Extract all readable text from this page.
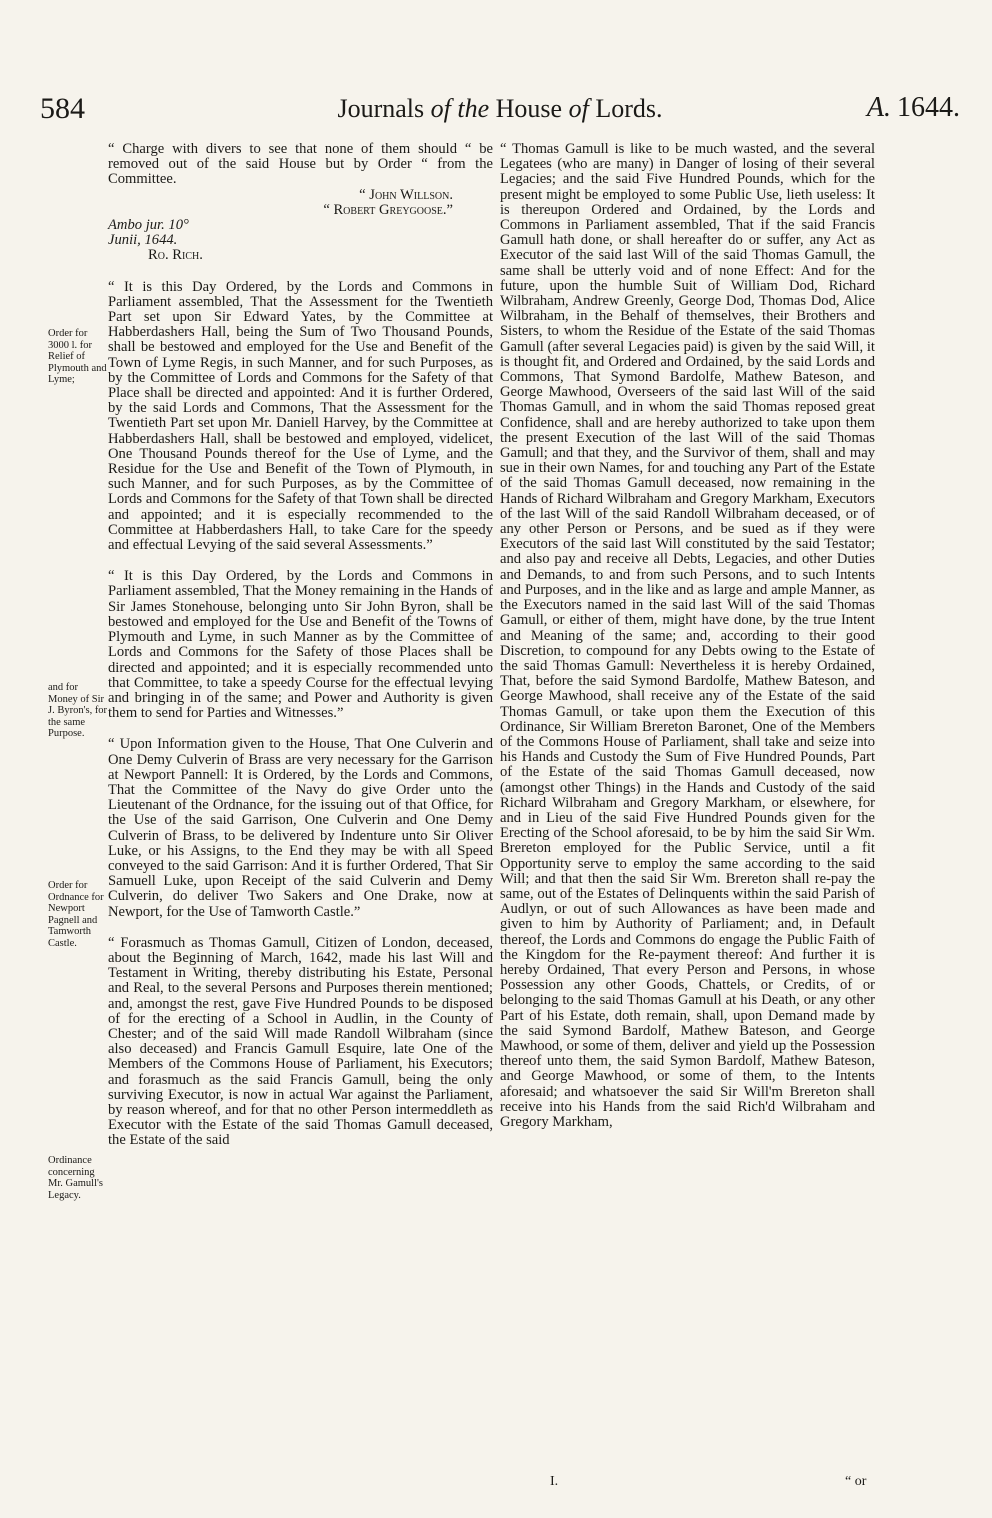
584	Journals of the House of Lords.	A. 1644.
Order for 3000 l. for Relief of Plymouth and Lyme;
and for Money of Sir J. Byron's, for the same Purpose.
Order for Ordnance for Newport Pagnell and Tamworth Castle.
Ordinance concerning Mr. Gamull's Legacy.

“ Charge with divers to see that none of them should “ be removed out of the said House but by Order “ from the Committee.

“ John Willson.
“ Robert Greygoose.”
Ambo jur. 10°
Junii, 1644.
Ro. Rich.

“ It is this Day Ordered, by the Lords and Commons in Parliament assembled, That the Assessment for the Twentieth Part set upon Sir Edward Yates, by the Committee at Habberdashers Hall, being the Sum of Two Thousand Pounds, shall be bestowed and employed for the Use and Benefit of the Town of Lyme Regis, in such Manner, and for such Purposes, as by the Committee of Lords and Commons for the Safety of that Place shall be directed and appointed: And it is further Ordered, by the said Lords and Commons, That the Assessment for the Twentieth Part set upon Mr. Daniell Harvey, by the Committee at Habberdashers Hall, shall be bestowed and employed, videlicet, One Thousand Pounds thereof for the Use of Lyme, and the Residue for the Use and Benefit of the Town of Plymouth, in such Manner, and for such Purposes, as by the Committee of Lords and Commons for the Safety of that Town shall be directed and appointed; and it is especially recommended to the Committee at Habberdashers Hall, to take Care for the speedy and effectual Levying of the said several Assessments.”

“ It is this Day Ordered, by the Lords and Commons in Parliament assembled, That the Money remaining in the Hands of Sir James Stonehouse, belonging unto Sir John Byron, shall be bestowed and employed for the Use and Benefit of the Towns of Plymouth and Lyme, in such Manner as by the Committee of Lords and Commons for the Safety of those Places shall be directed and appointed; and it is especially recommended unto that Committee, to take a speedy Course for the effectual levying and bringing in of the same; and Power and Authority is given them to send for Parties and Witnesses.”

“ Upon Information given to the House, That One Culverin and One Demy Culverin of Brass are very necessary for the Garrison at Newport Pannell: It is Ordered, by the Lords and Commons, That the Committee of the Navy do give Order unto the Lieutenant of the Ordnance, for the issuing out of that Office, for the Use of the said Garrison, One Culverin and One Demy Culverin of Brass, to be delivered by Indenture unto Sir Oliver Luke, or his Assigns, to the End they may be with all Speed conveyed to the said Garrison: And it is further Ordered, That Sir Samuell Luke, upon Receipt of the said Culverin and Demy Culverin, do deliver Two Sakers and One Drake, now at Newport, for the Use of Tamworth Castle.”

“ Forasmuch as Thomas Gamull, Citizen of London, deceased, about the Beginning of March, 1642, made his last Will and Testament in Writing, thereby distributing his Estate, Personal and Real, to the several Persons and Purposes therein mentioned; and, amongst the rest, gave Five Hundred Pounds to be disposed of for the erecting of a School in Audlin, in the County of Chester; and of the said Will made Randoll Wilbraham (since also deceased) and Francis Gamull Esquire, late One of the Members of the Commons House of Parliament, his Executors; and forasmuch as the said Francis Gamull, being the only surviving Executor, is now in actual War against the Parliament, by reason whereof, and for that no other Person intermeddleth as Executor with the Estate of the said Thomas Gamull deceased, the Estate of the said

“ Thomas Gamull is like to be much wasted, and the several Legatees (who are many) in Danger of losing of their several Legacies; and the said Five Hundred Pounds, which for the present might be employed to some Public Use, lieth useless: It is thereupon Ordered and Ordained, by the Lords and Commons in Parliament assembled, That if the said Francis Gamull hath done, or shall hereafter do or suffer, any Act as Executor of the said last Will of the said Thomas Gamull, the same shall be utterly void and of none Effect: And for the future, upon the humble Suit of William Dod, Richard Wilbraham, Andrew Greenly, George Dod, Thomas Dod, Alice Wilbraham, in the Behalf of themselves, their Brothers and Sisters, to whom the Residue of the Estate of the said Thomas Gamull (after several Legacies paid) is given by the said Will, it is thought fit, and Ordered and Ordained, by the said Lords and Commons, That Symond Bardolfe, Mathew Bateson, and George Mawhood, Overseers of the said last Will of the said Thomas Gamull, and in whom the said Thomas reposed great Confidence, shall and are hereby authorized to take upon them the present Execution of the last Will of the said Thomas Gamull; and that they, and the Survivor of them, shall and may sue in their own Names, for and touching any Part of the Estate of the said Thomas Gamull deceased, now remaining in the Hands of Richard Wilbraham and Gregory Markham, Executors of the last Will of the said Randoll Wilbraham deceased, or of any other Person or Persons, and be sued as if they were Executors of the said last Will constituted by the said Testator; and also pay and receive all Debts, Legacies, and other Duties and Demands, to and from such Persons, and to such Intents and Purposes, and in the like and as large and ample Manner, as the Executors named in the said last Will of the said Thomas Gamull, or either of them, might have done, by the true Intent and Meaning of the same; and, according to their good Discretion, to compound for any Debts owing to the Estate of the said Thomas Gamull: Nevertheless it is hereby Ordained, That, before the said Symond Bardolfe, Mathew Bateson, and George Mawhood, shall receive any of the Estate of the said Thomas Gamull, or take upon them the Execution of this Ordinance, Sir William Brereton Baronet, One of the Members of the Commons House of Parliament, shall take and seize into his Hands and Custody the Sum of Five Hundred Pounds, Part of the Estate of the said Thomas Gamull deceased, now (amongst other Things) in the Hands and Custody of the said Richard Wilbraham and Gregory Markham, or elsewhere, for and in Lieu of the said Five Hundred Pounds given for the Erecting of the School aforesaid, to be by him the said Sir Wm. Brereton employed for the Public Service, until a fit Opportunity serve to employ the same according to the said Will; and that then the said Sir Wm. Brereton shall re-pay the same, out of the Estates of Delinquents within the said Parish of Audlyn, or out of such Allowances as have been made and given to him by Authority of Parliament; and, in Default thereof, the Lords and Commons do engage the Public Faith of the Kingdom for the Re-payment thereof: And further it is hereby Ordained, That every Person and Persons, in whose Possession any other Goods, Chattels, or Credits, of or belonging to the said Thomas Gamull at his Death, or any other Part of his Estate, doth remain, shall, upon Demand made by the said Symond Bardolf, Mathew Bateson, and George Mawhood, or some of them, deliver and yield up the Possession thereof unto them, the said Symon Bardolf, Mathew Bateson, and George Mawhood, or some of them, to the Intents aforesaid; and whatsoever the said Sir Will'm Brereton shall receive into his Hands from the said Rich'd Wilbraham and Gregory Markham,

I.	“ or
